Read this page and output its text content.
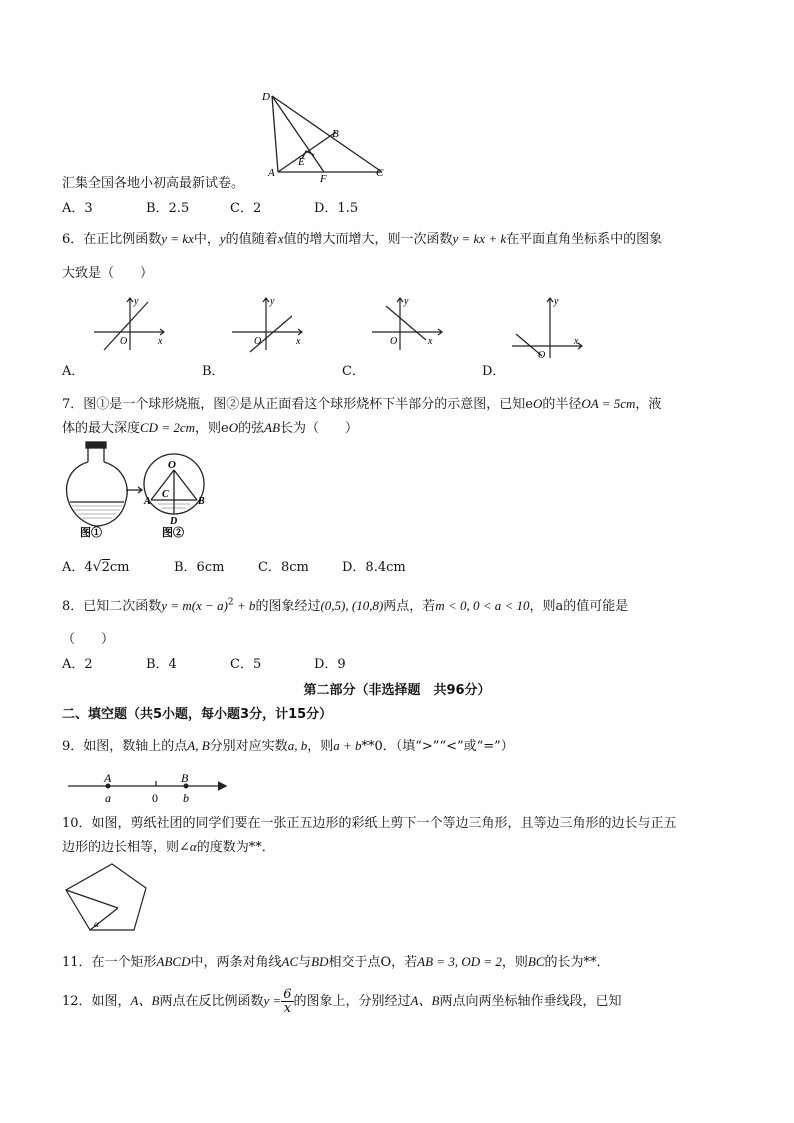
D
B
E
A	F	C
汇集全国各地小初高最新试卷。
A．3	B．2.5	C．2	D．1.5
6．在正比例函数y = kx中，y的值随着x值的增大而增大，则一次函数y = kx + k在平面直角坐标系中的图象
大致是（　　）
y
x
O
y
x
O
y
x
O
y
x
O
A．	B．	C．	D．
7．图①是一个球形烧瓶，图②是从正面看这个球形烧杯下半部分的示意图，已知eO的半径OA = 5cm，液
体的最大深度CD = 2cm，则eO的弦AB长为（　　）
O
C
A	B
D
图①	图②
A．4√2cm	B．6cm	C．8cm	D．8.4cm
8．已知二次函数$y = m(x - a)^2 + b$的图象经过(0,5), (10,8)两点，若m < 0, 0 < a < 10，则a的值可能是
（　　）
A．2	B．4	C．5	D．9
第二部分（非选择题　共96分）
二、填空题（共5小题，每小题3分，计15分）
9．如图，数轴上的点A, B分别对应实数a, b，则a + b**0．（填“>”“<”或“=”）
A
a	0
B
b
10．如图，剪纸社团的同学们要在一张正五边形的彩纸上剪下一个等边三角形，且等边三角形的边长与正五
边形的边长相等，则∠α的度数为**．
α
11．在一个矩形ABCD中，两条对角线AC与BD相交于点O，若AB = 3, OD = 2，则BC的长为**．
12．如图，A、B两点在反比例函数$y = \frac{6}{x}$ 的图象上，分别经过A、B两点向两坐标轴作垂线段，已知
